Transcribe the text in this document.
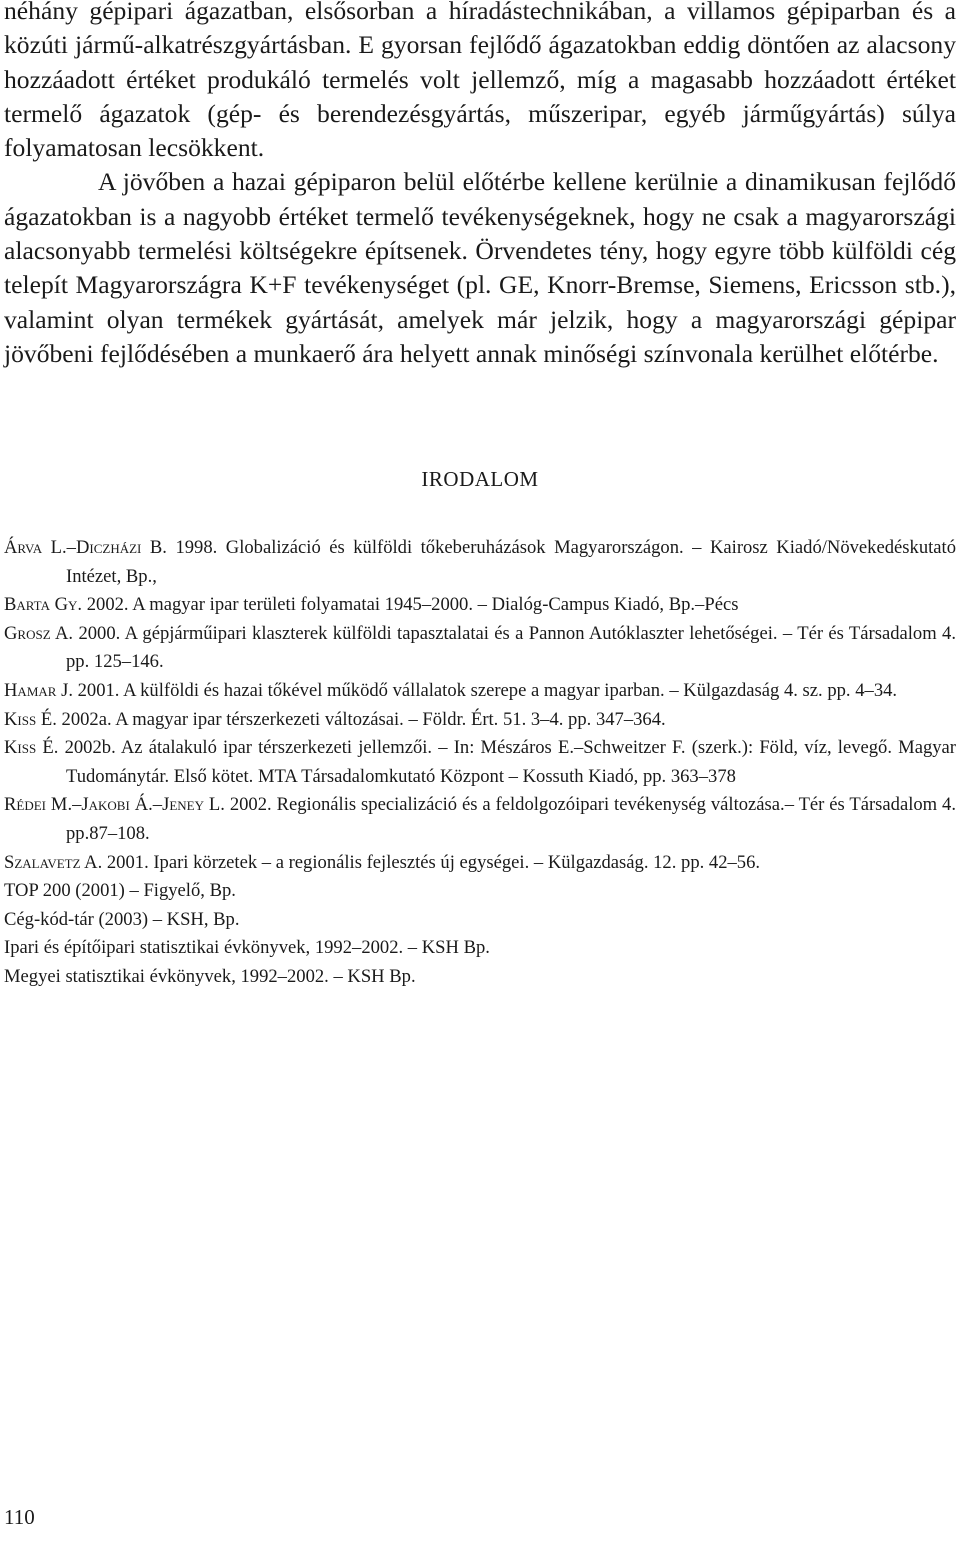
néhány gépipari ágazatban, elsősorban a híradástechnikában, a villamos gépiparban és a közúti jármű-alkatrészgyártásban. E gyorsan fejlődő ágazatokban eddig döntően az alacsony hozzáadott értéket produkáló termelés volt jellemző, míg a magasabb hozzáadott értéket termelő ágazatok (gép- és berendezésgyártás, műszeripar, egyéb járműgyártás) súlya folyamatosan lecsökkent.

A jövőben a hazai gépiparon belül előtérbe kellene kerülnie a dinamikusan fejlődő ágazatokban is a nagyobb értéket termelő tevékenységeknek, hogy ne csak a magyarországi alacsonyabb termelési költségekre építsenek. Örvendetes tény, hogy egyre több külföldi cég telepít Magyarországra K+F tevékenységet (pl. GE, Knorr-Bremse, Siemens, Ericsson stb.), valamint olyan termékek gyártását, amelyek már jelzik, hogy a magyarországi gépipar jövőbeni fejlődésében a munkaerő ára helyett annak minőségi színvonala kerülhet előtérbe.

IRODALOM

Árva L.–Diczházi B. 1998. Globalizáció és külföldi tőkeberuházások Magyarországon. – Kairosz Kiadó/Növekedéskutató Intézet, Bp.,

Barta Gy. 2002. A magyar ipar területi folyamatai 1945–2000. – Dialóg-Campus Kiadó, Bp.–Pécs

Grosz A. 2000. A gépjárműipari klaszterek külföldi tapasztalatai és a Pannon Autóklaszter lehetőségei. – Tér és Társadalom 4. pp. 125–146.

Hamar J. 2001. A külföldi és hazai tőkével működő vállalatok szerepe a magyar iparban. – Külgazdaság 4. sz. pp. 4–34.

Kiss É. 2002a. A magyar ipar térszerkezeti változásai. – Földr. Ért. 51. 3–4. pp. 347–364.

Kiss É. 2002b. Az átalakuló ipar térszerkezeti jellemzői. – In: Mészáros E.–Schweitzer F. (szerk.): Föld, víz, levegő. Magyar Tudománytár. Első kötet. MTA Társadalomkutató Központ – Kossuth Kiadó, pp. 363–378

Rédei M.–Jakobi Á.–Jeney L. 2002. Regionális specializáció és a feldolgozóipari tevékenység változása.– Tér és Társadalom 4. pp.87–108.

Szalavetz A. 2001. Ipari körzetek – a regionális fejlesztés új egységei. – Külgazdaság. 12. pp. 42–56.

TOP 200 (2001) – Figyelő, Bp.

Cég-kód-tár (2003) – KSH, Bp.

Ipari és építőipari statisztikai évkönyvek, 1992–2002. – KSH Bp.

Megyei statisztikai évkönyvek, 1992–2002. – KSH Bp.

110
